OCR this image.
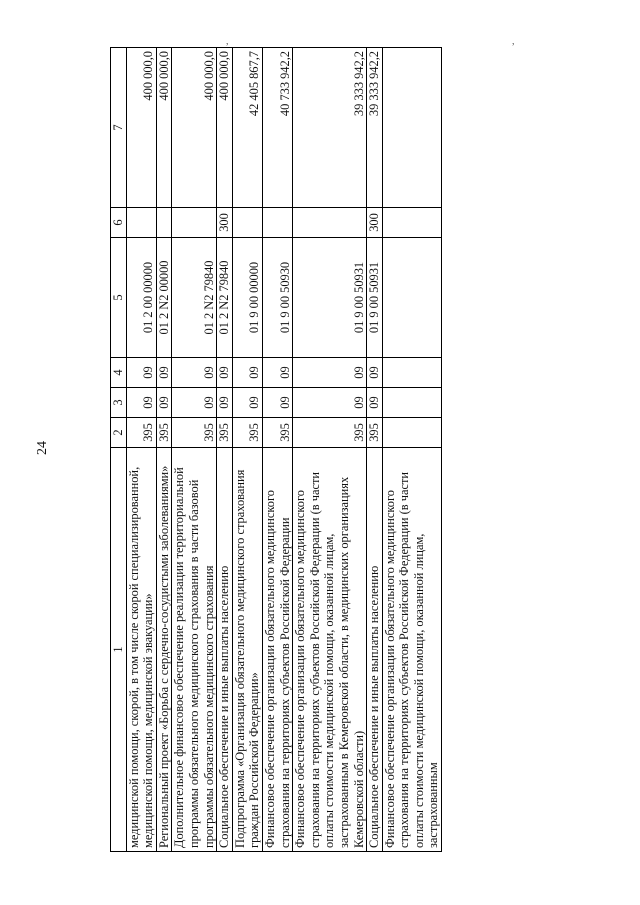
24
,	,
1	2	3	4	5	6	7
медицинской помощи, скорой, в том числе скорой специализированной, медицинской помощи, медицинской эвакуации»	395	09	09	01 2 00 00000		400 000,0
Региональный проект «Борьба с сердечно-сосудистыми заболеваниями»	395	09	09	01 2 N2 00000		400 000,0
Дополнительное финансовое обеспечение реализации территориальной программы обязательного медицинского страхования в части базовой программы обязательного медицинского страхования	395	09	09	01 2 N2 79840		400 000,0
Социальное обеспечение и иные выплаты населению	395	09	09	01 2 N2 79840	300	400 000,0
Подпрограмма «Организация обязательного медицинского страхования граждан Российской Федерации»	395	09	09	01 9 00 00000		42 405 867,7
Финансовое обеспечение организации обязательного медицинского страхования на территориях субъектов Российской Федерации	395	09	09	01 9 00 50930		40 733 942,2
Финансовое обеспечение организации обязательного медицинского страхования на территориях субъектов Российской Федерации (в части оплаты стоимости медицинской помощи, оказанной лицам, застрахованным в Кемеровской области, в медицинских организациях Кемеровской области)	395	09	09	01 9 00 50931		39 333 942,2
Социальное обеспечение и иные выплаты населению	395	09	09	01 9 00 50931	300	39 333 942,2
Финансовое обеспечение организации обязательного медицинского страхования на территориях субъектов Российской Федерации (в части оплаты стоимости медицинской помощи, оказанной лицам, застрахованным						
